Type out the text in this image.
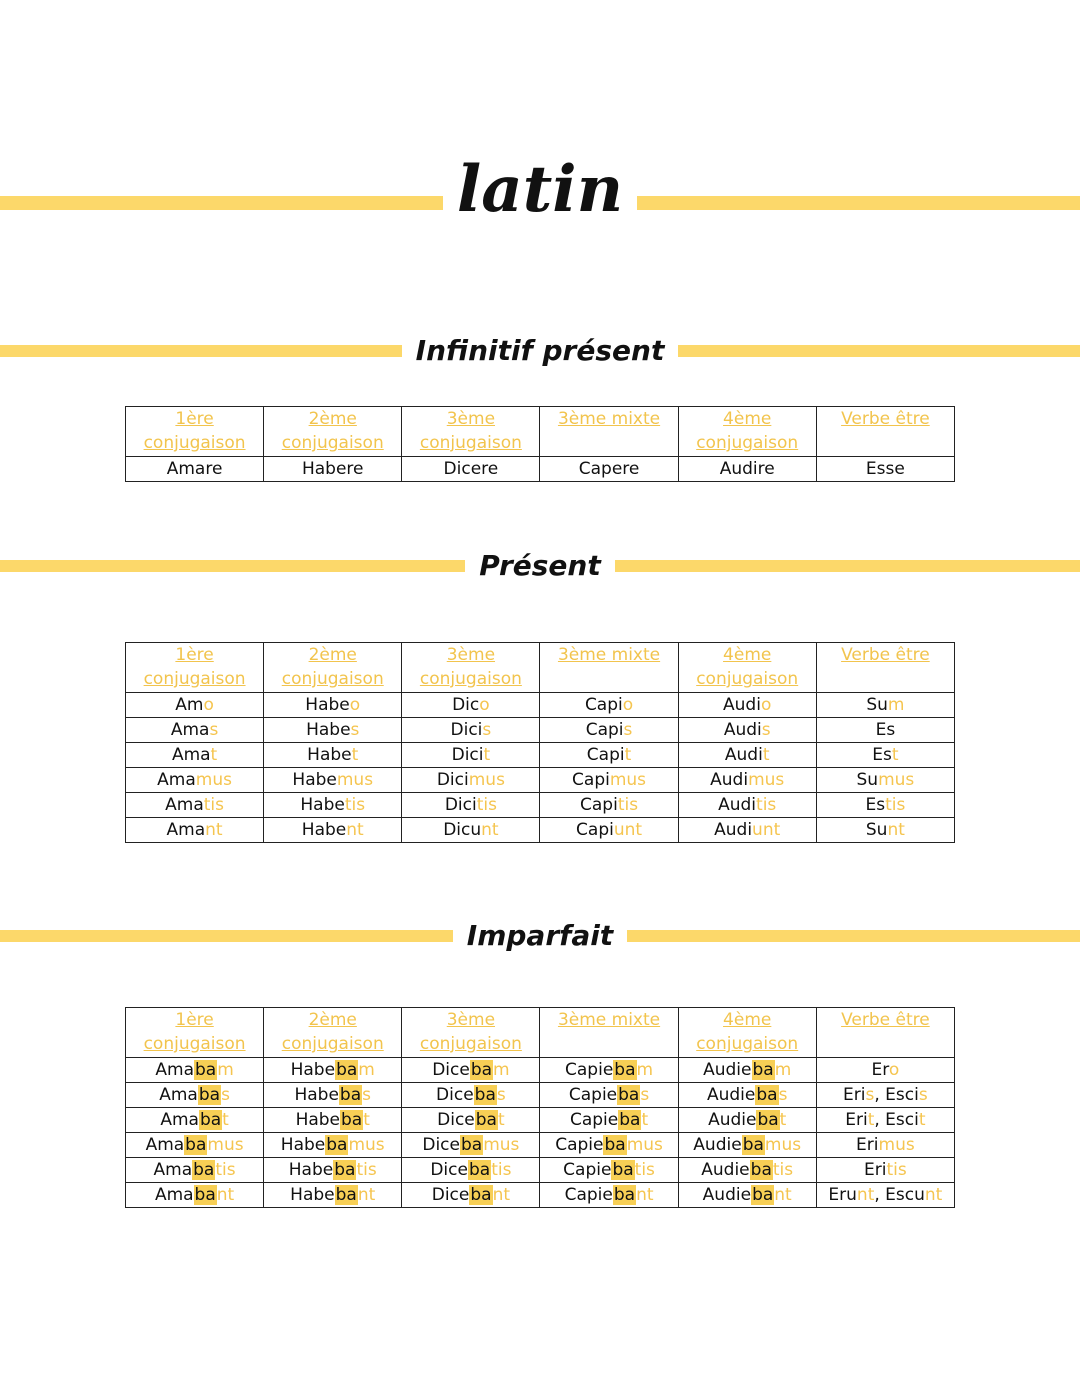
latin
Infinitif présent
Présent
Imparfait
1ère conjugaison	2ème conjugaison	3ème conjugaison	3ème mixte	4ème conjugaison	Verbe être
Amare	Habere	Dicere	Capere	Audire	Esse
1ère conjugaison	2ème conjugaison	3ème conjugaison	3ème mixte	4ème conjugaison	Verbe être
Amo	Habeo	Dico	Capio	Audio	Sum
Amas	Habes	Dicis	Capis	Audis	Es
Amat	Habet	Dicit	Capit	Audit	Est
Amamus	Habemus	Dicimus	Capimus	Audimus	Sumus
Amatis	Habetis	Dicitis	Capitis	Auditis	Estis
Amant	Habent	Dicunt	Capiunt	Audiunt	Sunt
1ère conjugaison	2ème conjugaison	3ème conjugaison	3ème mixte	4ème conjugaison	Verbe être
Amabam	Habebam	Dicebam	Capiebam	Audiebam	Ero
Amabas	Habebas	Dicebas	Capiebas	Audiebas	Eris, Escis
Amabat	Habebat	Dicebat	Capiebat	Audiebat	Erit, Escit
Amabamus	Habebamus	Dicebamus	Capiebamus	Audiebamus	Erimus
Amabatis	Habebatis	Dicebatis	Capiebatis	Audiebatis	Eritis
Amabant	Habebant	Dicebant	Capiebant	Audiebant	Erunt, Escunt
